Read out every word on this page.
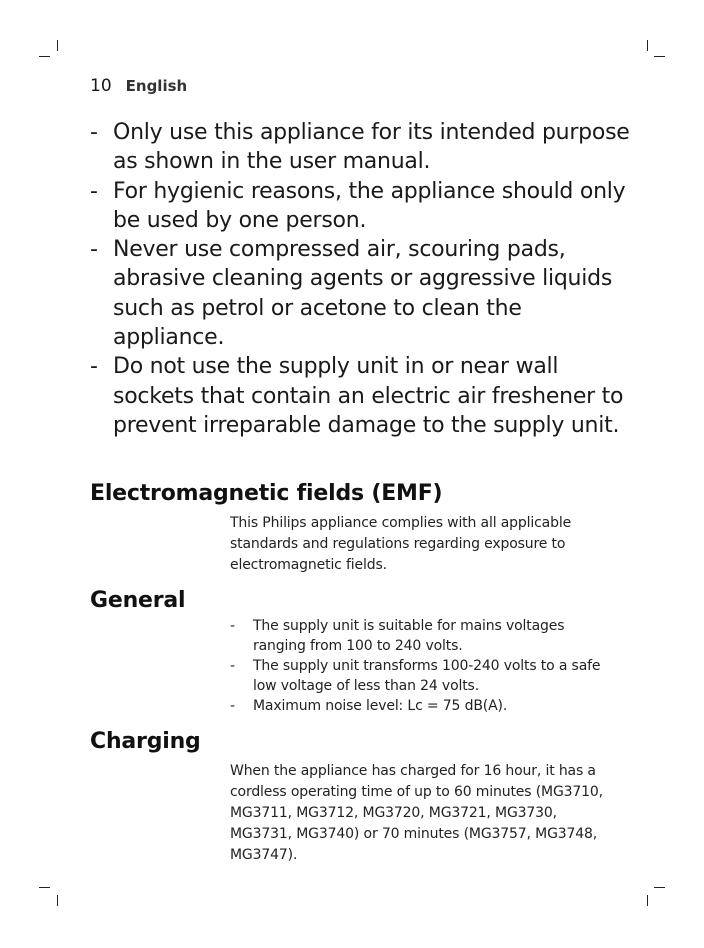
10 English
- Only use this appliance for its intended purpose as shown in the user manual.
- For hygienic reasons, the appliance should only be used by one person.
- Never use compressed air, scouring pads, abrasive cleaning agents or aggressive liquids such as petrol or acetone to clean the appliance.
- Do not use the supply unit in or near wall sockets that contain an electric air freshener to prevent irreparable damage to the supply unit.
Electromagnetic fields (EMF)
This Philips appliance complies with all applicable standards and regulations regarding exposure to electromagnetic fields.
General
- The supply unit is suitable for mains voltages ranging from 100 to 240 volts.
- The supply unit transforms 100-240 volts to a safe low voltage of less than 24 volts.
- Maximum noise level: Lc = 75 dB(A).
Charging
When the appliance has charged for 16 hour, it has a cordless operating time of up to 60 minutes (MG3710, MG3711, MG3712, MG3720, MG3721, MG3730, MG3731, MG3740) or 70 minutes (MG3757, MG3748, MG3747).
